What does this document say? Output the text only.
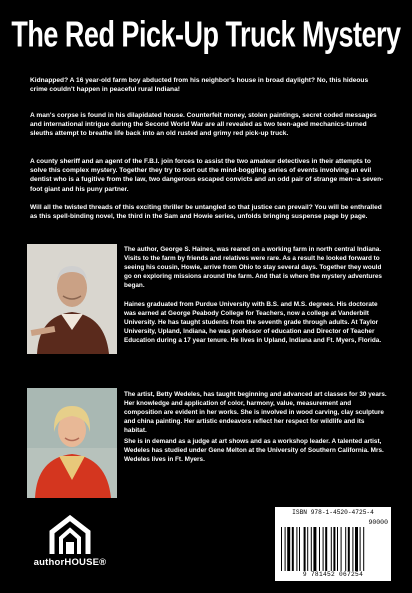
The Red Pick-Up Truck Mystery
Kidnapped? A 16 year-old farm boy abducted from his neighbor's house in broad daylight? No, this hideous crime couldn't happen in peaceful rural Indiana!
A man's corpse is found in his dilapidated house. Counterfeit money, stolen paintings, secret coded messages and international intrigue during the Second World War are all revealed as two teen-aged mechanics-turned sleuths attempt to breathe life back into an old rusted and grimy red pick-up truck.
A county sheriff and an agent of the F.B.I. join forces to assist the two amateur detectives in their attempts to solve this complex mystery. Together they try to sort out the mind-boggling series of events involving an evil dentist who is a fugitive from the law, two dangerous escaped convicts and an odd pair of strange men--a seven-foot giant and his puny partner.
Will all the twisted threads of this exciting thriller be untangled so that justice can prevail? You will be enthralled as this spell-binding novel, the third in the Sam and Howie series, unfolds bringing suspense page by page.
The author, George S. Haines, was reared on a working farm in north central Indiana. Visits to the farm by friends and relatives were rare. As a result he looked forward to seeing his cousin, Howie, arrive from Ohio to stay several days. Together they would go on exploring missions around the farm. And that is where the mystery adventures began.
Haines graduated from Purdue University with B.S. and M.S. degrees. His doctorate was earned at George Peabody College for Teachers, now a college at Vanderbilt University. He has taught students from the seventh grade through adults. At Taylor University, Upland, Indiana, he was professor of education and Director of Teacher Education during a 17 year tenure. He lives in Upland, Indiana and Ft. Myers, Florida.
The artist, Betty Wedeles, has taught beginning and advanced art classes for 30 years. Her knowledge and application of color, harmony, value, measurement and composition are evident in her works. She is involved in wood carving, clay sculpture and china painting. Her artistic endeavors reflect her respect for wildlife and its habitat.
She is in demand as a judge at art shows and as a workshop leader. A talented artist, Wedeles has studied under Gene Melton at the University of Southern California. Mrs. Wedeles lives in Ft. Myers.
authorHOUSE®
ISBN 978-1-4520-4725-4
90000
9 781452 067254
